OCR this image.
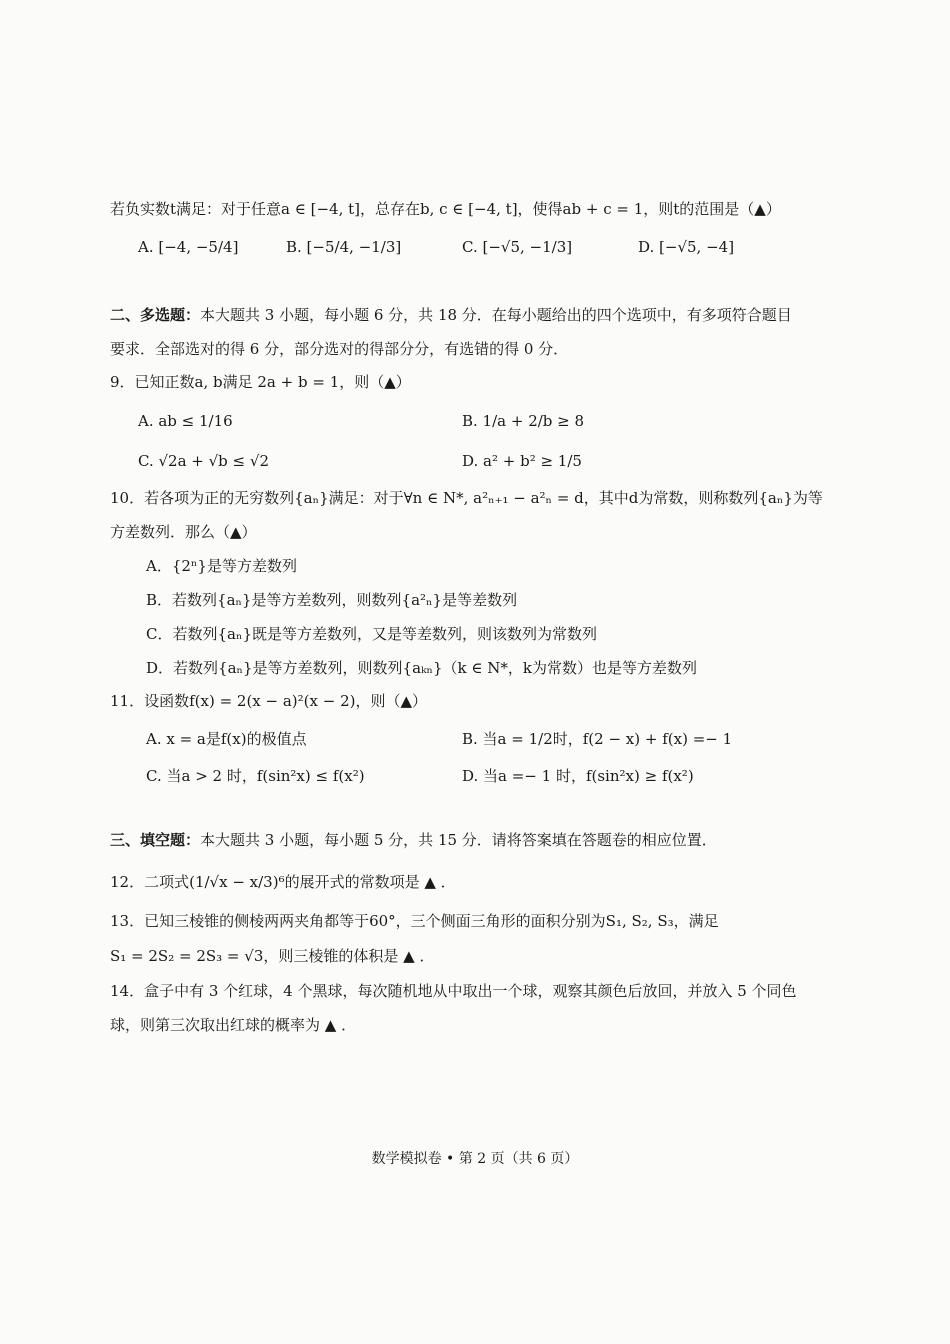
若负实数t满足：对于任意a ∈ [−4, t]，总存在b, c ∈ [−4, t]，使得ab + c = 1，则t的范围是（▲）
A. [−4, −5/4]	B. [−5/4, −1/3]	C. [−√5, −1/3]	D. [−√5, −4]
二、多选题：本大题共 3 小题，每小题 6 分，共 18 分．在每小题给出的四个选项中，有多项符合题目
要求．全部选对的得 6 分，部分选对的得部分分，有选错的得 0 分．
9．已知正数a, b满足 2a + b = 1，则（▲）
A. ab ≤ 1/16	B. 1/a + 2/b ≥ 8
C. √2a + √b ≤ √2	D. a² + b² ≥ 1/5
10．若各项为正的无穷数列{aₙ}满足：对于∀n ∈ N*, a²ₙ₊₁ − a²ₙ = d，其中d为常数，则称数列{aₙ}为等
方差数列．那么（▲）
A．{2ⁿ}是等方差数列
B．若数列{aₙ}是等方差数列，则数列{a²ₙ}是等差数列
C．若数列{aₙ}既是等方差数列，又是等差数列，则该数列为常数列
D．若数列{aₙ}是等方差数列，则数列{aₖₙ}（k ∈ N*，k为常数）也是等方差数列
11．设函数f(x) = 2(x − a)²(x − 2)，则（▲）
A. x = a是f(x)的极值点	B. 当a = 1/2时，f(2 − x) + f(x) =− 1
C. 当a > 2 时，f(sin²x) ≤ f(x²)	D. 当a =− 1 时，f(sin²x) ≥ f(x²)
三、填空题：本大题共 3 小题，每小题 5 分，共 15 分．请将答案填在答题卷的相应位置．
12．二项式(1/√x − x/3)⁶的展开式的常数项是 ▲ ．
13．已知三棱锥的侧棱两两夹角都等于60°，三个侧面三角形的面积分别为S₁, S₂, S₃，满足
S₁ = 2S₂ = 2S₃ = √3，则三棱锥的体积是 ▲ ．
14．盒子中有 3 个红球，4 个黑球，每次随机地从中取出一个球，观察其颜色后放回，并放入 5 个同色
球，则第三次取出红球的概率为 ▲ ．
数学模拟卷 • 第 2 页（共 6 页）
